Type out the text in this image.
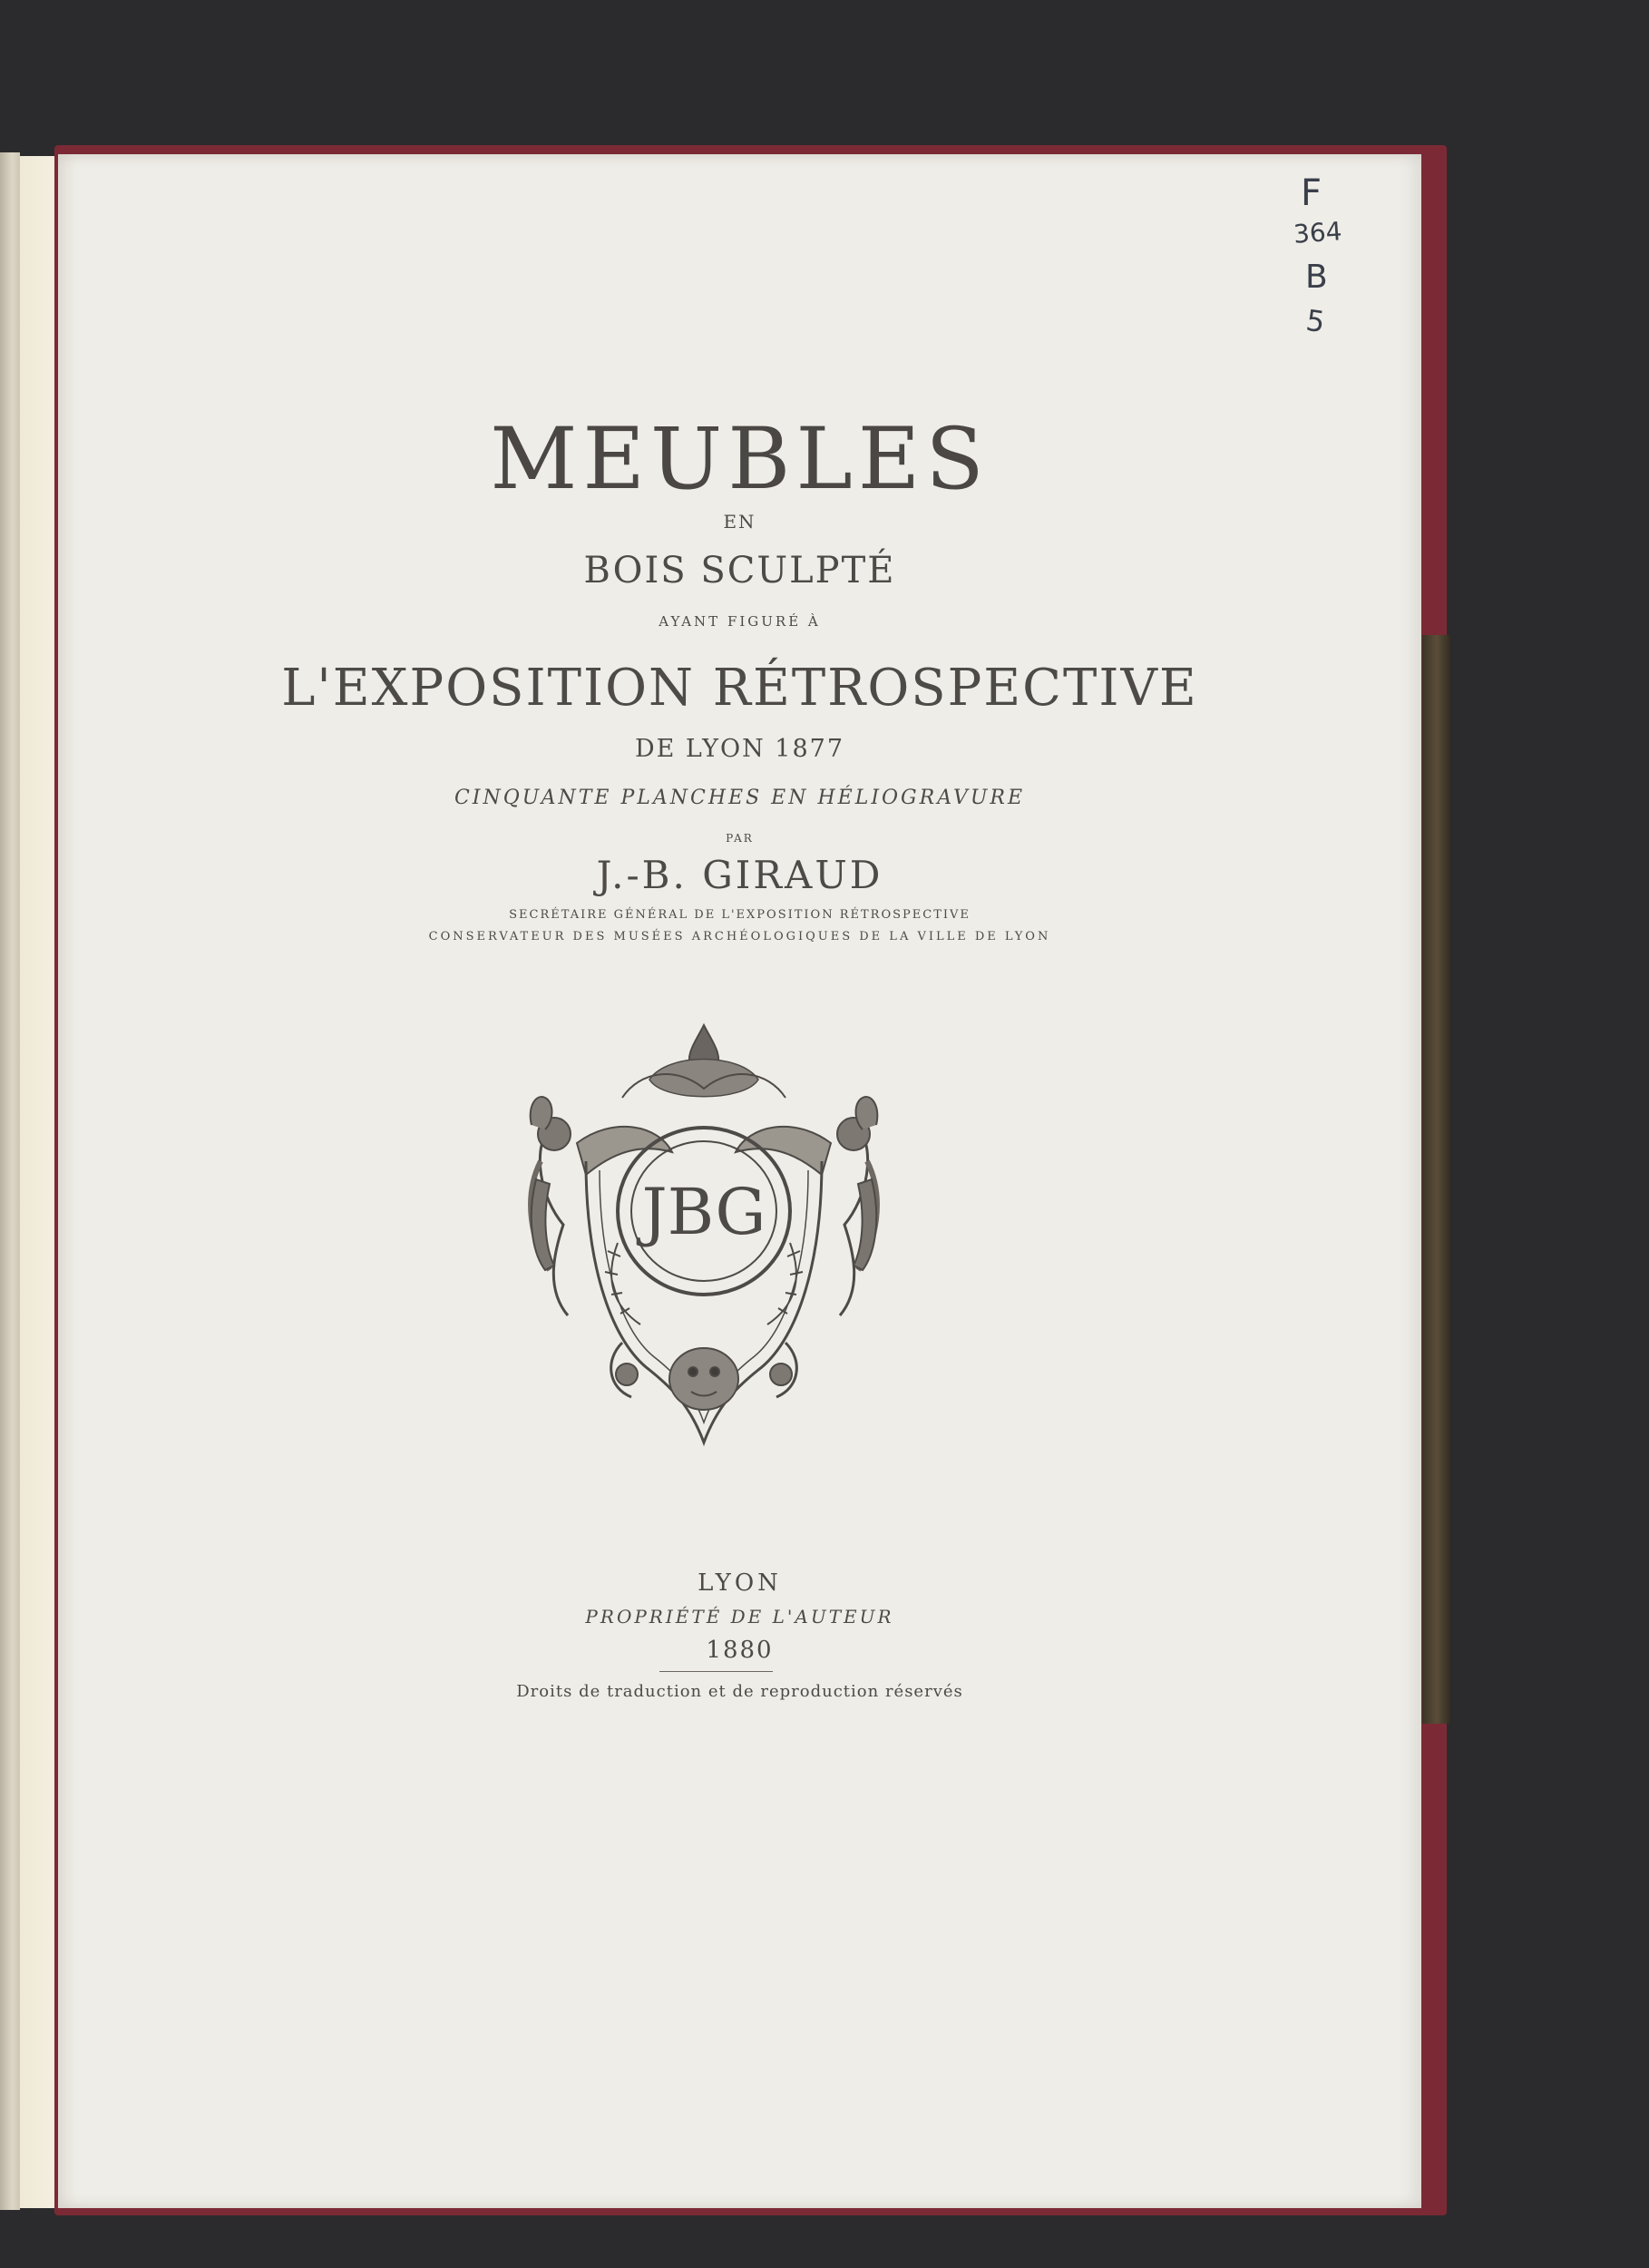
MEUBLES
EN
BOIS SCULPTÉ
AYANT FIGURÉ À
L'EXPOSITION RÉTROSPECTIVE
DE LYON 1877
CINQUANTE PLANCHES EN HÉLIOGRAVURE
PAR
J.-B. GIRAUD
SECRÉTAIRE GÉNÉRAL DE L'EXPOSITION RÉTROSPECTIVE
CONSERVATEUR DES MUSÉES ARCHÉOLOGIQUES DE LA VILLE DE LYON
JBG
LYON
PROPRIÉTÉ DE L'AUTEUR
1880
Droits de traduction et de reproduction réservés
F
364
B
5
